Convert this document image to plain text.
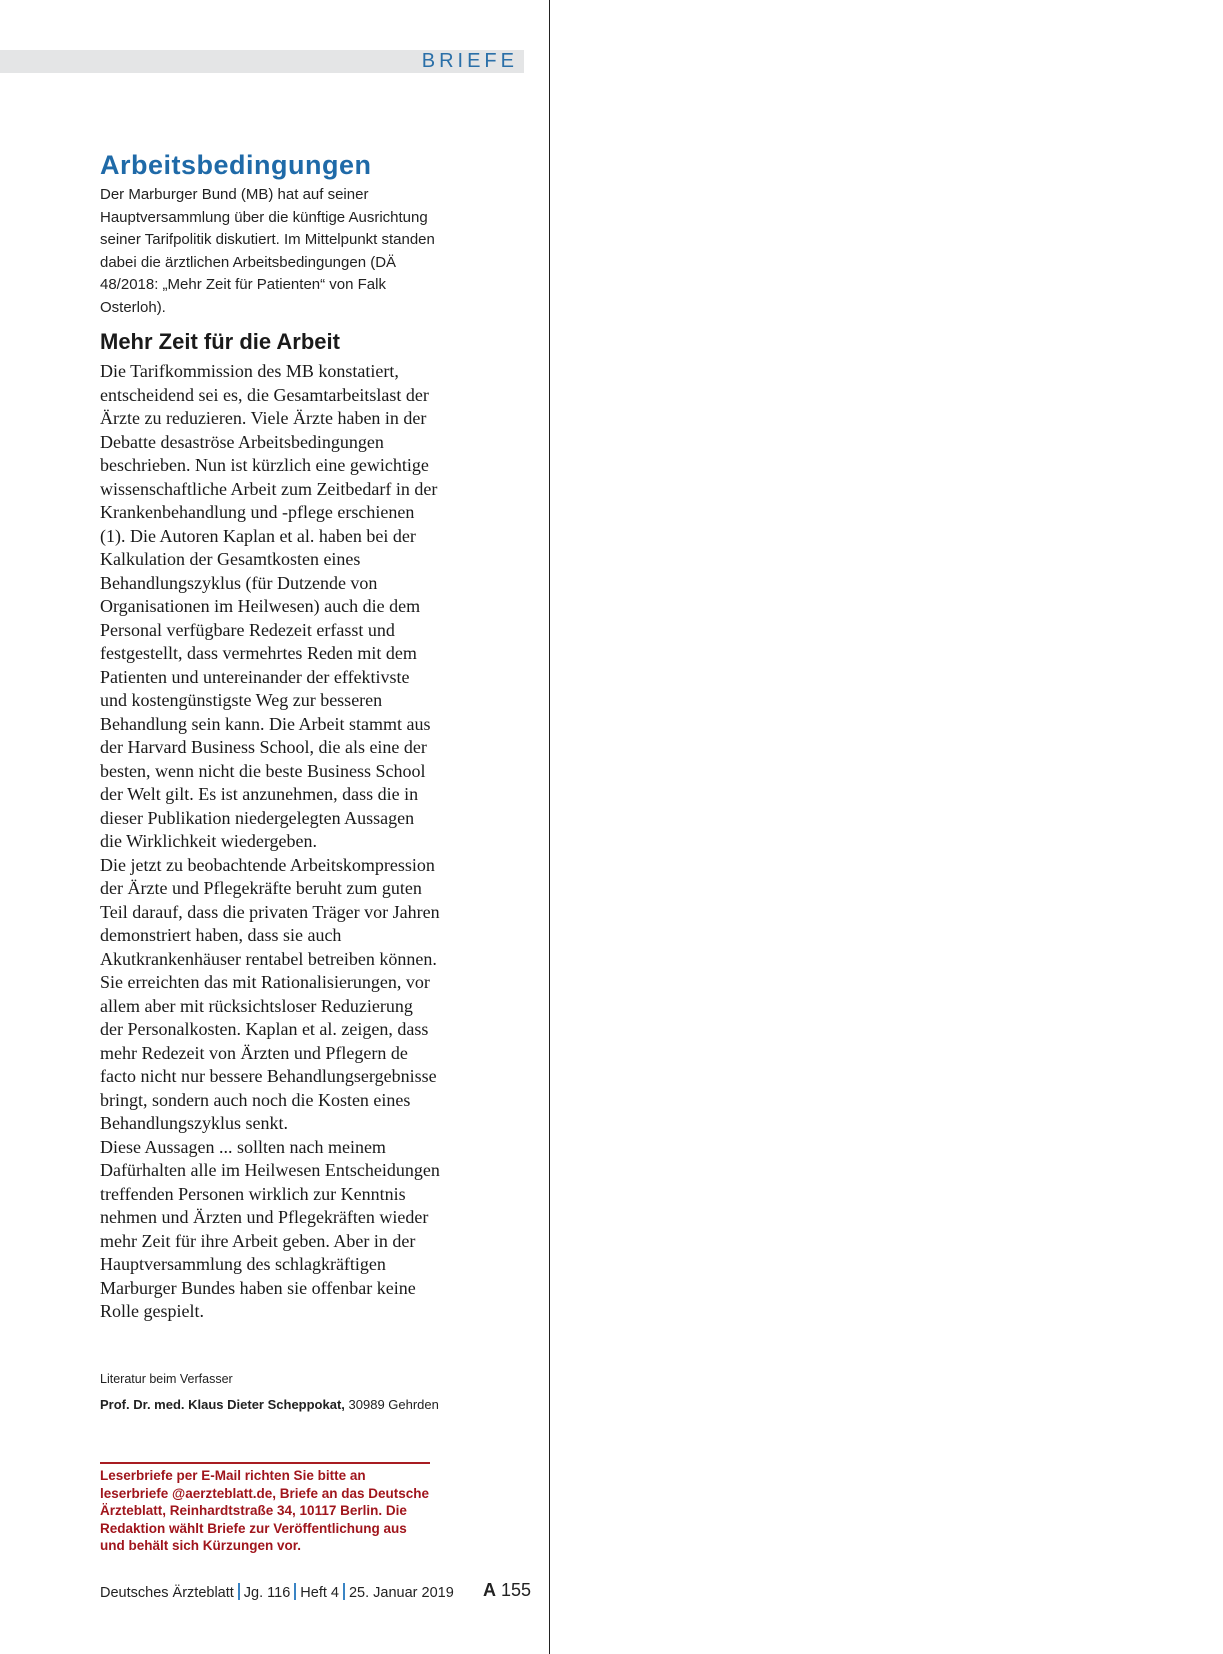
BRIEFE
Arbeitsbedingungen

Der Marburger Bund (MB) hat auf seiner Hauptversammlung über die künftige Ausrichtung seiner Tarifpolitik diskutiert. Im Mittelpunkt standen dabei die ärztlichen Arbeitsbedingungen (DÄ 48/2018: „Mehr Zeit für Patienten“ von Falk Osterloh).

Mehr Zeit für die Arbeit

Die Tarifkommission des MB konstatiert, entscheidend sei es, die Gesamtarbeitslast der Ärzte zu reduzieren. Viele Ärzte haben in der Debatte desaströse Arbeitsbedingungen beschrieben. Nun ist kürzlich eine gewichtige wissenschaftliche Arbeit zum Zeitbedarf in der Krankenbehandlung und -pflege erschienen (1). Die Autoren Kaplan et al. haben bei der Kalkulation der Gesamtkosten eines Behandlungszyklus (für Dutzende von Organisationen im Heilwesen) auch die dem Personal verfügbare Redezeit erfasst und festgestellt, dass vermehrtes Reden mit dem Patienten und untereinander der effektivste und kostengünstigste Weg zur besseren Behandlung sein kann. Die Arbeit stammt aus der Harvard Business School, die als eine der besten, wenn nicht die beste Business School der Welt gilt. Es ist anzunehmen, dass die in dieser Publikation niedergelegten Aussagen die Wirklichkeit wiedergeben.

Die jetzt zu beobachtende Arbeitskompression der Ärzte und Pflegekräfte beruht zum guten Teil darauf, dass die privaten Träger vor Jahren demonstriert haben, dass sie auch Akutkrankenhäuser rentabel betreiben können. Sie erreichten das mit Rationalisierungen, vor allem aber mit rücksichtsloser Reduzierung der Personalkosten. Kaplan et al. zeigen, dass mehr Redezeit von Ärzten und Pflegern de facto nicht nur bessere Behandlungsergebnisse bringt, sondern auch noch die Kosten eines Behandlungszyklus senkt.

Diese Aussagen ... sollten nach meinem Dafürhalten alle im Heilwesen Entscheidungen treffenden Personen wirklich zur Kenntnis nehmen und Ärzten und Pflegekräften wieder mehr Zeit für ihre Arbeit geben. Aber in der Hauptversammlung des schlagkräftigen Marburger Bundes haben sie offenbar keine Rolle gespielt.

Literatur beim Verfasser
Prof. Dr. med. Klaus Dieter Scheppokat, 30989 Gehrden
Leserbriefe per E-Mail richten Sie bitte an leserbriefe @aerzteblatt.de, Briefe an das Deutsche Ärzteblatt, Reinhardtstraße 34, 10117 Berlin. Die Redaktion wählt Briefe zur Veröffentlichung aus und behält sich Kürzungen vor.
Deutsches Ärzteblatt Jg. 116 Heft 4 25. Januar 2019 A 155
